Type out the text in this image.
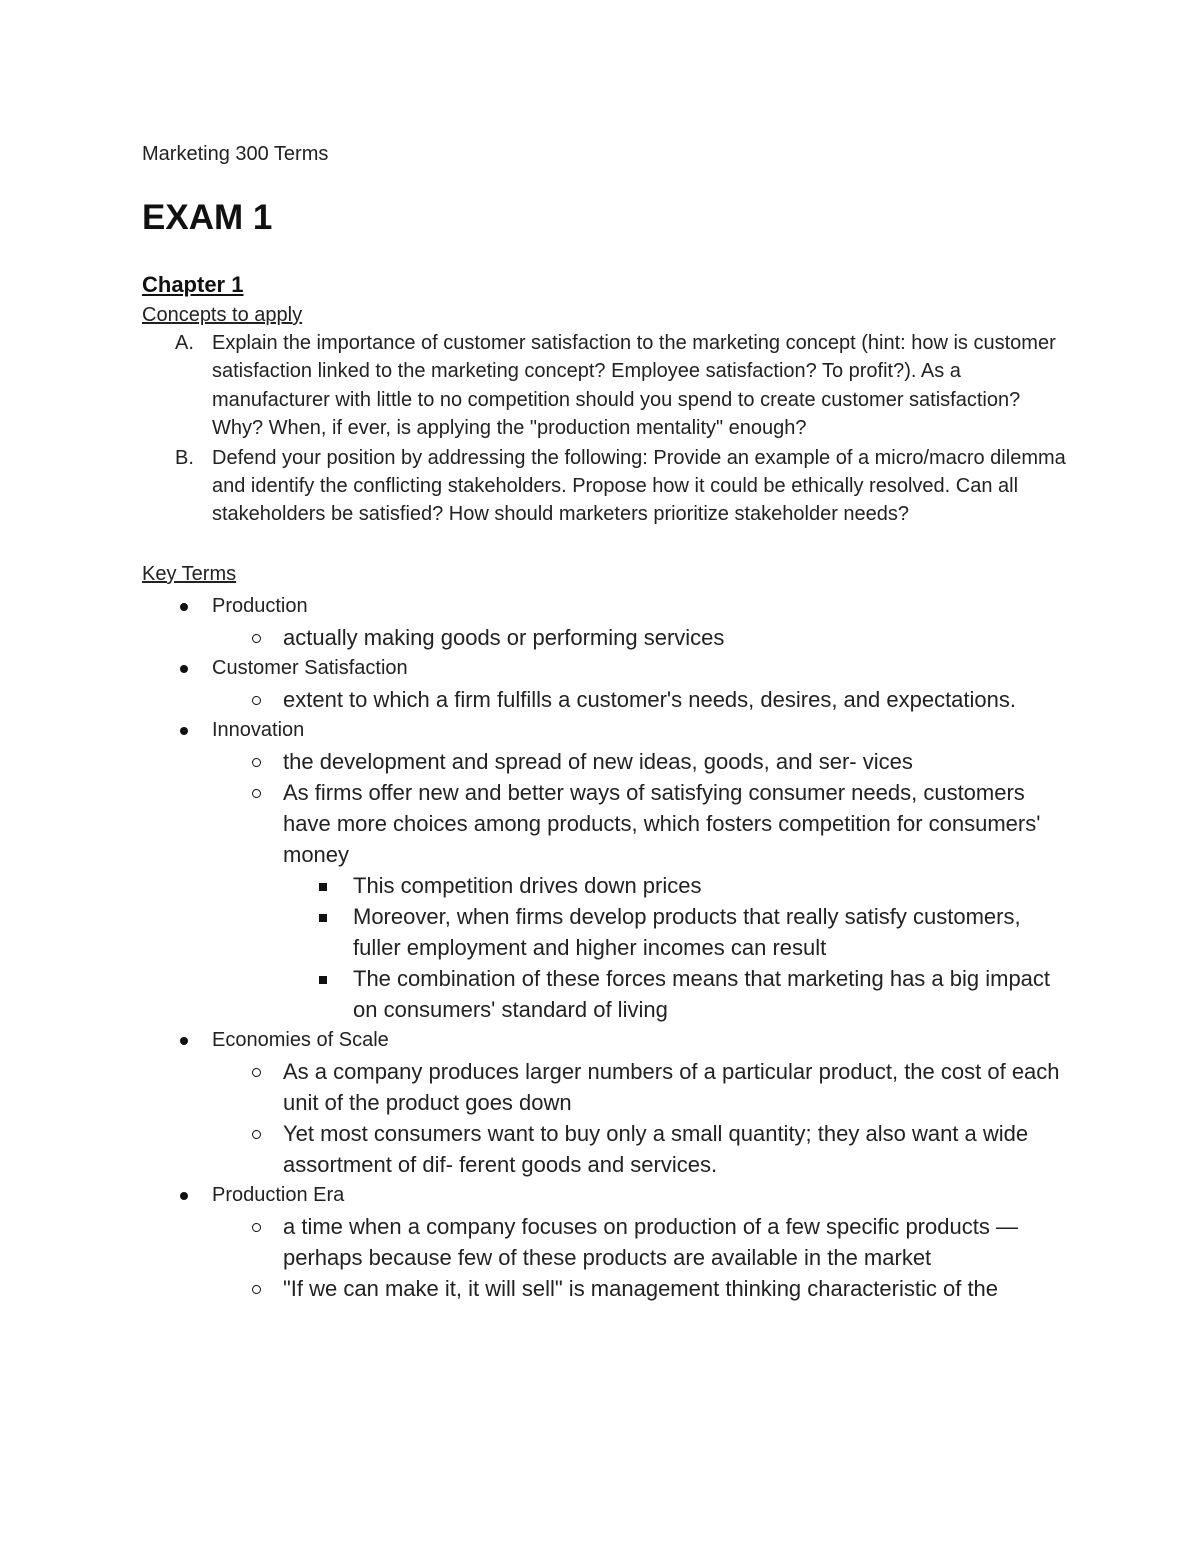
Marketing 300 Terms

EXAM 1
Chapter 1
Concepts to apply
A. Explain the importance of customer satisfaction to the marketing concept (hint: how is customer satisfaction linked to the marketing concept? Employee satisfaction? To profit?). As a manufacturer with little to no competition should you spend to create customer satisfaction? Why? When, if ever, is applying the "production mentality" enough?
B. Defend your position by addressing the following: Provide an example of a micro/macro dilemma and identify the conflicting stakeholders. Propose how it could be ethically resolved. Can all stakeholders be satisfied? How should marketers prioritize stakeholder needs?
Key Terms
Production
actually making goods or performing services
Customer Satisfaction
extent to which a firm fulfills a customer's needs, desires, and expectations.
Innovation
the development and spread of new ideas, goods, and ser- vices
As firms offer new and better ways of satisfying consumer needs, customers have more choices among products, which fosters competition for consumers' money
This competition drives down prices
Moreover, when firms develop products that really satisfy customers, fuller employment and higher incomes can result
The combination of these forces means that marketing has a big impact on consumers' standard of living
Economies of Scale
As a company produces larger numbers of a particular product, the cost of each unit of the product goes down
Yet most consumers want to buy only a small quantity; they also want a wide assortment of dif- ferent goods and services.
Production Era
a time when a company focuses on production of a few specific products —perhaps because few of these products are available in the market
"If we can make it, it will sell" is management thinking characteristic of the
